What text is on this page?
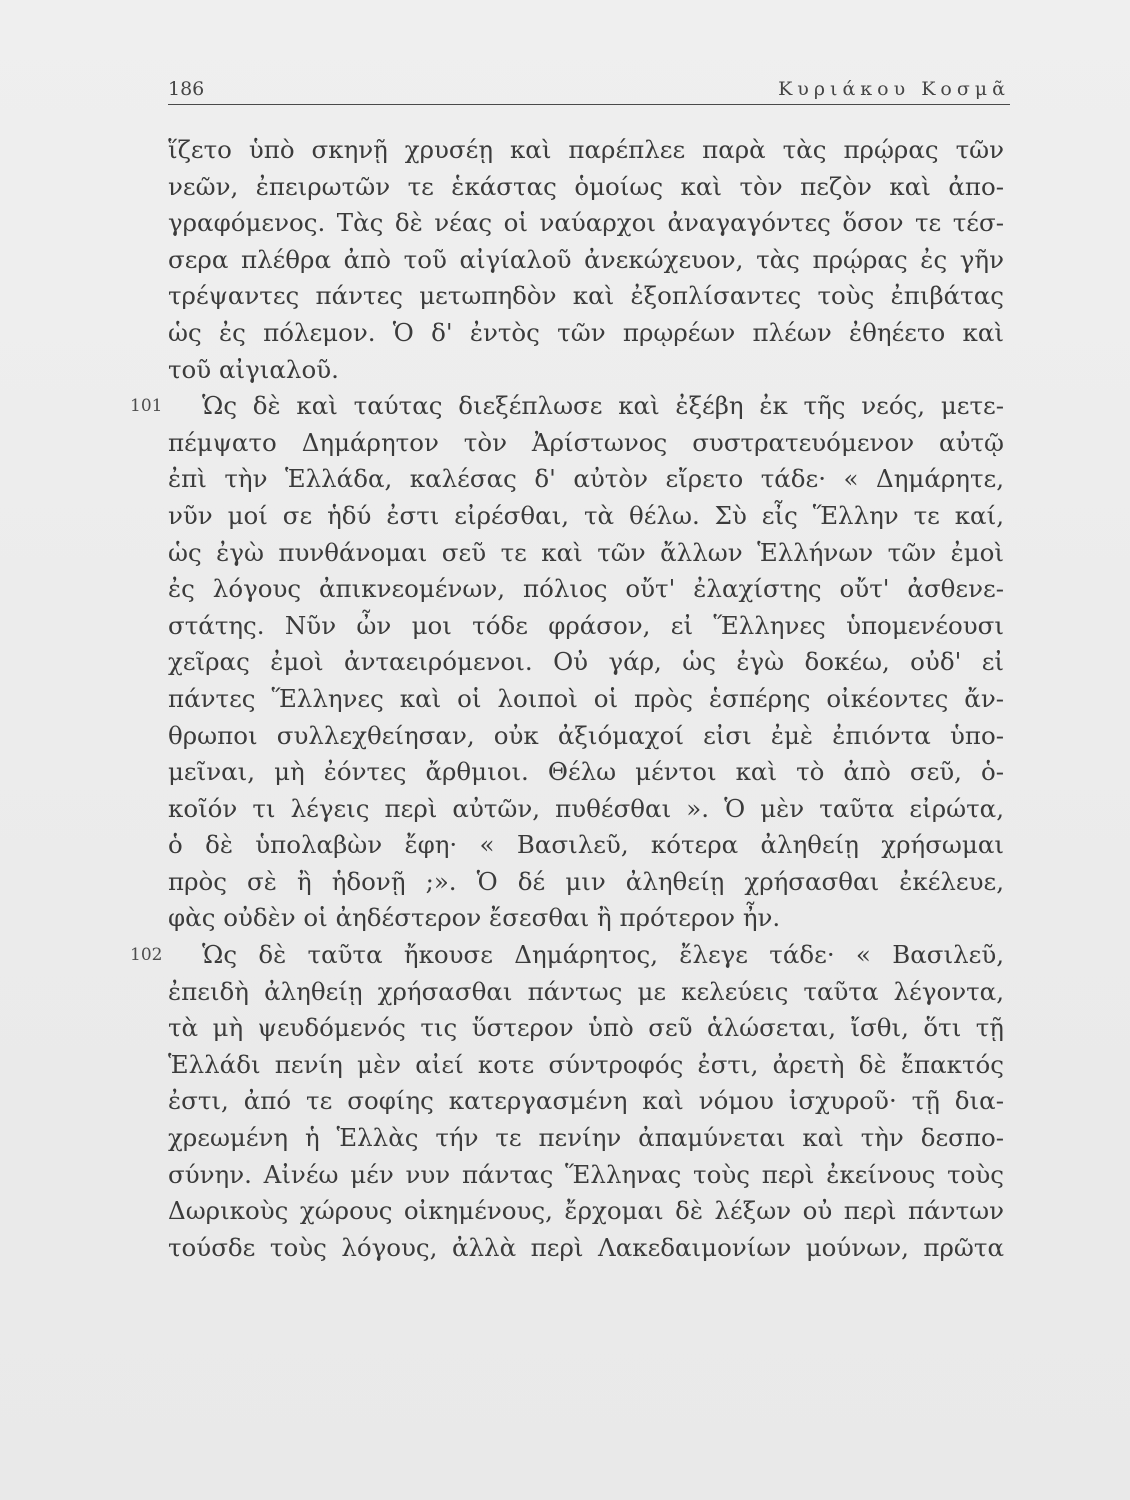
186	Κυριάκου Κοσμᾶ
ἵζετο ὑπὸ σκηνῇ χρυσέῃ καὶ παρέπλεε παρὰ τὰς πρῴρας τῶν
νεῶν, ἐπειρωτῶν τε ἑκάστας ὁμοίως καὶ τὸν πεζὸν καὶ ἀπο-
γραφόμενος. Τὰς δὲ νέας οἱ ναύαρχοι ἀναγαγόντες ὅσον τε τέσ-
σερα πλέθρα ἀπὸ τοῦ αἰγίαλοῦ ἀνεκώχευον, τὰς πρῴρας ἐς γῆν
τρέψαντες πάντες μετωπηδὸν καὶ ἐξοπλίσαντες τοὺς ἐπιβάτας
ὡς ἐς πόλεμον. Ὁ δ' ἐντὸς τῶν πρῳρέων πλέων ἐθηέετο καὶ
τοῦ αἰγιαλοῦ.
101	Ὡς δὲ καὶ ταύτας διεξέπλωσε καὶ ἐξέβη ἐκ τῆς νεός, μετε-
πέμψατο Δημάρητον τὸν Ἀρίστωνος συστρατευόμενον αὐτῷ
ἐπὶ τὴν Ἑλλάδα, καλέσας δ' αὐτὸν εἴρετο τάδε· « Δημάρητε,
νῦν μοί σε ἡδύ ἐστι εἰρέσθαι, τὰ θέλω. Σὺ εἶς Ἕλλην τε καί,
ὡς ἐγὼ πυνθάνομαι σεῦ τε καὶ τῶν ἄλλων Ἑλλήνων τῶν ἐμοὶ
ἐς λόγους ἀπικνεομένων, πόλιος οὔτ' ἐλαχίστης οὔτ' ἀσθενε-
στάτης. Νῦν ὦν μοι τόδε φράσον, εἰ Ἕλληνες ὑπομενέουσι
χεῖρας ἐμοὶ ἀνταειρόμενοι. Οὐ γάρ, ὡς ἐγὼ δοκέω, οὐδ' εἰ
πάντες Ἕλληνες καὶ οἱ λοιποὶ οἱ πρὸς ἑσπέρης οἰκέοντες ἄν-
θρωποι συλλεχθείησαν, οὐκ ἀξιόμαχοί εἰσι ἐμὲ ἐπιόντα ὑπο-
μεῖναι, μὴ ἐόντες ἄρθμιοι. Θέλω μέντοι καὶ τὸ ἀπὸ σεῦ, ὁ-
κοῖόν τι λέγεις περὶ αὐτῶν, πυθέσθαι ». Ὁ μὲν ταῦτα εἰρώτα,
ὁ δὲ ὑπολαβὼν ἔφη· « Βασιλεῦ, κότερα ἀληθείῃ χρήσωμαι
πρὸς σὲ ἢ ἡδονῇ ;». Ὁ δέ μιν ἀληθείῃ χρήσασθαι ἐκέλευε,
φὰς οὐδὲν οἱ ἀηδέστερον ἔσεσθαι ἢ πρότερον ἦν.
102	Ὡς δὲ ταῦτα ἤκουσε Δημάρητος, ἔλεγε τάδε· « Βασιλεῦ,
ἐπειδὴ ἀληθείῃ χρήσασθαι πάντως με κελεύεις ταῦτα λέγοντα,
τὰ μὴ ψευδόμενός τις ὕστερον ὑπὸ σεῦ ἁλώσεται, ἴσθι, ὅτι τῇ
Ἑλλάδι πενίη μὲν αἰεί κοτε σύντροφός ἐστι, ἀρετὴ δὲ ἔπακτός
ἐστι, ἀπό τε σοφίης κατεργασμένη καὶ νόμου ἰσχυροῦ· τῇ δια-
χρεωμένη ἡ Ἑλλὰς τήν τε πενίην ἀπαμύνεται καὶ τὴν δεσπο-
σύνην. Αἰνέω μέν νυν πάντας Ἕλληνας τοὺς περὶ ἐκείνους τοὺς
Δωρικοὺς χώρους οἰκημένους, ἔρχομαι δὲ λέξων οὐ περὶ πάντων
τούσδε τοὺς λόγους, ἀλλὰ περὶ Λακεδαιμονίων μούνων, πρῶτα
